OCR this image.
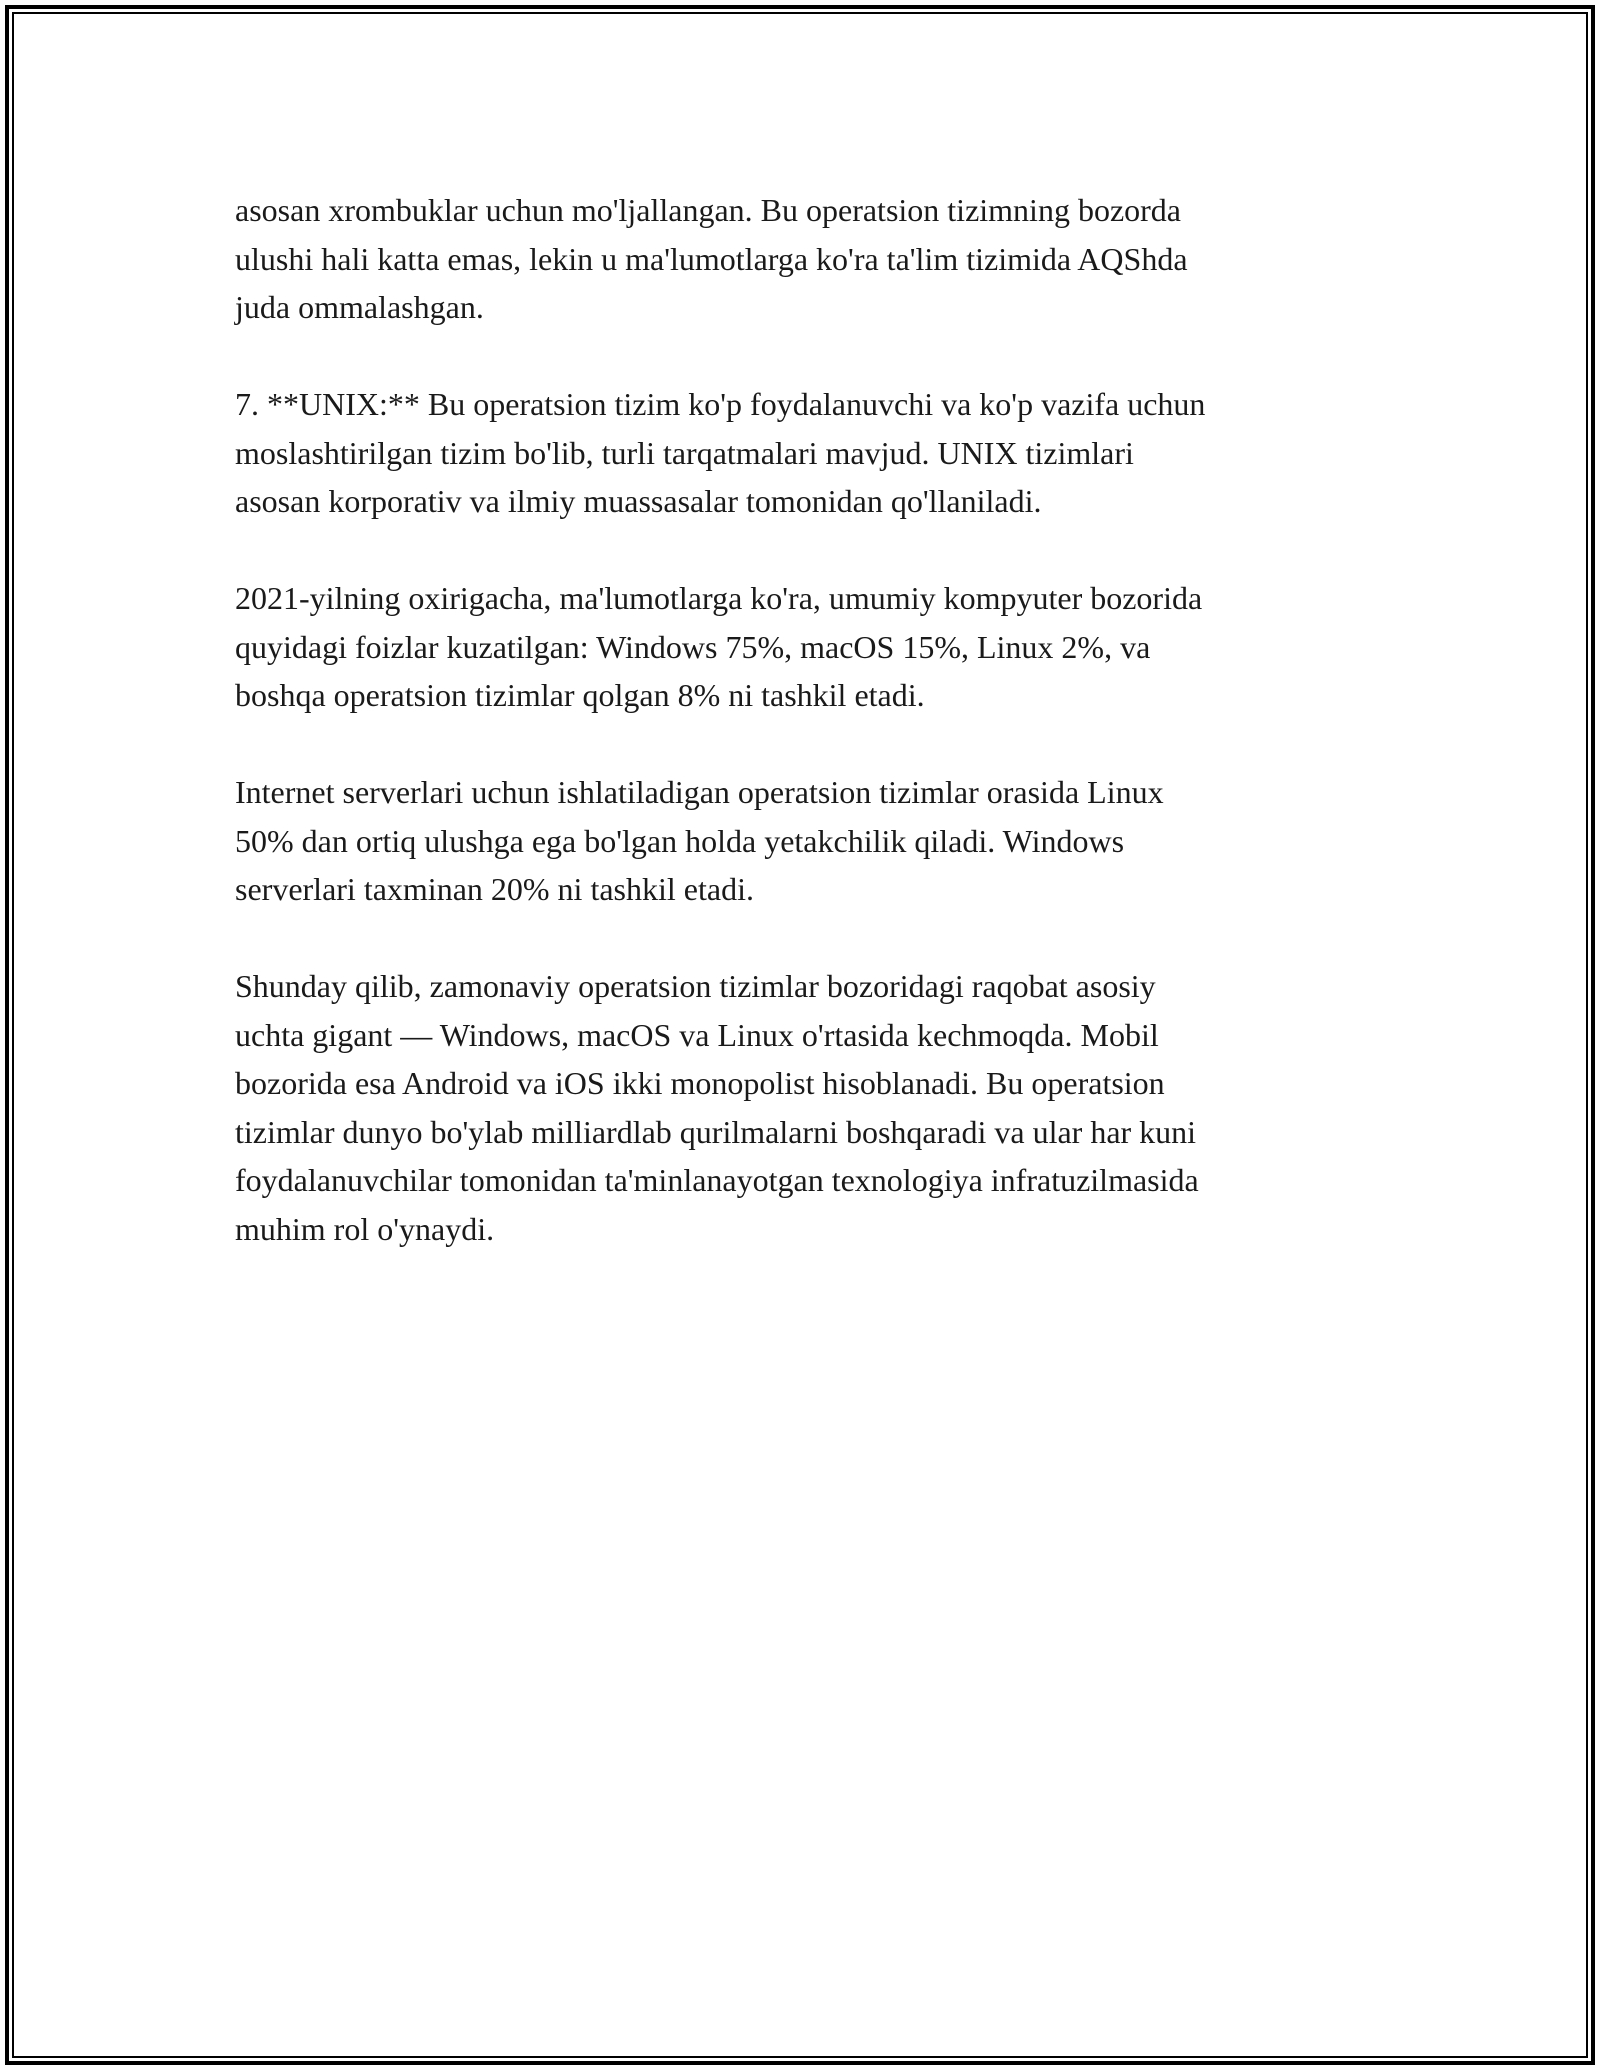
asosan xrombuklar uchun mo'ljallangan. Bu operatsion tizimning bozorda
ulushi hali katta emas, lekin u ma'lumotlarga ko'ra ta'lim tizimida AQShda
juda ommalashgan.

7. **UNIX:** Bu operatsion tizim ko'p foydalanuvchi va ko'p vazifa uchun
moslashtirilgan tizim bo'lib, turli tarqatmalari mavjud. UNIX tizimlari
asosan korporativ va ilmiy muassasalar tomonidan qo'llaniladi.

2021-yilning oxirigacha, ma'lumotlarga ko'ra, umumiy kompyuter bozorida
quyidagi foizlar kuzatilgan: Windows 75%, macOS 15%, Linux 2%, va
boshqa operatsion tizimlar qolgan 8% ni tashkil etadi.

Internet serverlari uchun ishlatiladigan operatsion tizimlar orasida Linux
50% dan ortiq ulushga ega bo'lgan holda yetakchilik qiladi. Windows
serverlari taxminan 20% ni tashkil etadi.

Shunday qilib, zamonaviy operatsion tizimlar bozoridagi raqobat asosiy
uchta gigant — Windows, macOS va Linux o'rtasida kechmoqda. Mobil
bozorida esa Android va iOS ikki monopolist hisoblanadi. Bu operatsion
tizimlar dunyo bo'ylab milliardlab qurilmalarni boshqaradi va ular har kuni
foydalanuvchilar tomonidan ta'minlanayotgan texnologiya infratuzilmasida
muhim rol o'ynaydi.
